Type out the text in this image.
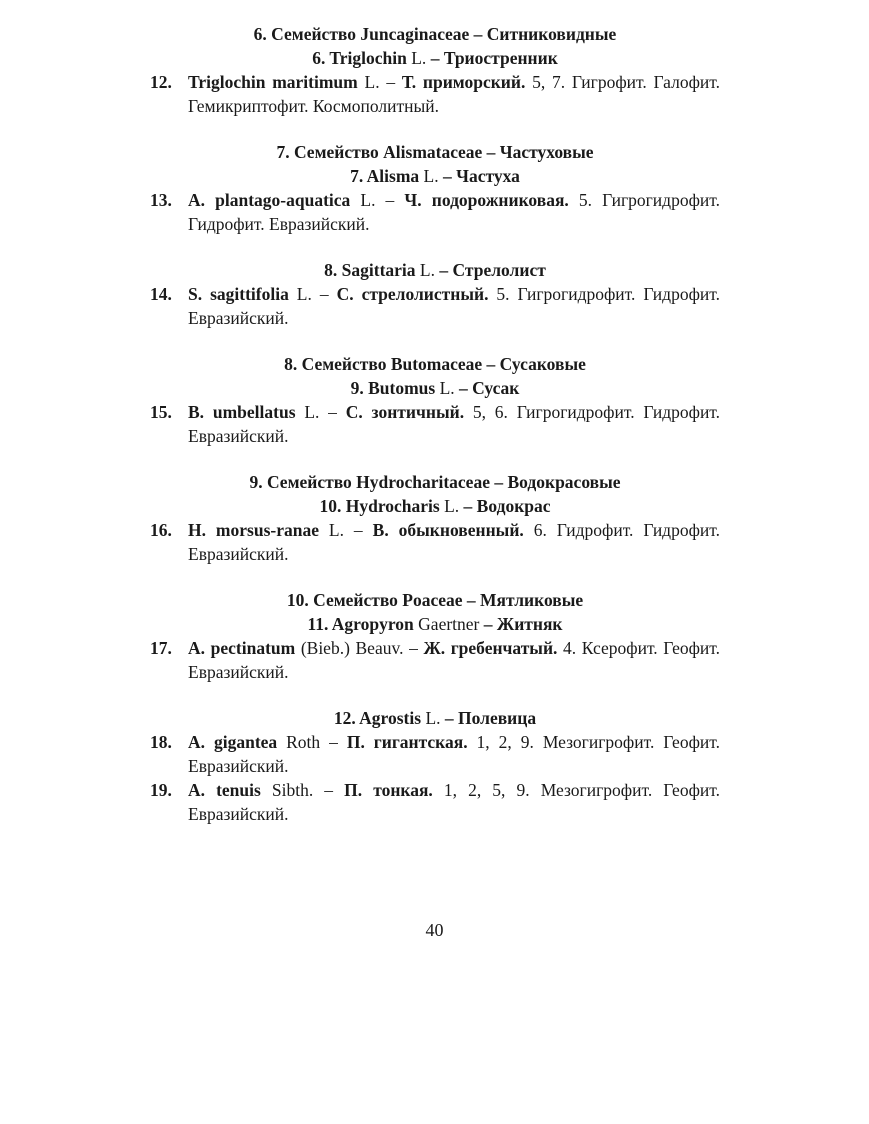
6. Семейство Juncaginaceae – Ситниковидные
6. Triglochin L. – Триостренник
12. Triglochin maritimum L. – Т. приморский. 5, 7. Гигрофит. Галофит. Гемикриптофит. Космополитный.
7. Семейство Alismataceae – Частуховые
7. Alisma L. – Частуха
13. A. plantago-aquatica L. – Ч. подорожниковая. 5. Гигрогидрофит. Гидрофит. Евразийский.
8. Sagittaria L. – Стрелолист
14. S. sagittifolia L. – С. стрелолистный. 5. Гигрогидрофит. Гидрофит. Евразийский.
8. Семейство Butomaceae – Сусаковые
9. Butomus L. – Сусак
15. B. umbellatus L. – С. зонтичный. 5, 6. Гигрогидрофит. Гидрофит. Евразийский.
9. Семейство Hydrocharitaceae – Водокрасовые
10. Hydrocharis L. – Водокрас
16. H. morsus-ranae L. – В. обыкновенный. 6. Гидрофит. Гидрофит. Евразийский.
10. Семейство Poaceae – Мятликовые
11. Agropyron Gaertner – Житняк
17. A. pectinatum (Bieb.) Beauv. – Ж. гребенчатый. 4. Ксерофит. Геофит. Евразийский.
12. Agrostis L. – Полевица
18. A. gigantea Roth – П. гигантская. 1, 2, 9. Мезогигрофит. Геофит. Евразийский.
19. A. tenuis Sibth. – П. тонкая. 1, 2, 5, 9. Мезогигрофит. Геофит. Евразийский.
40
